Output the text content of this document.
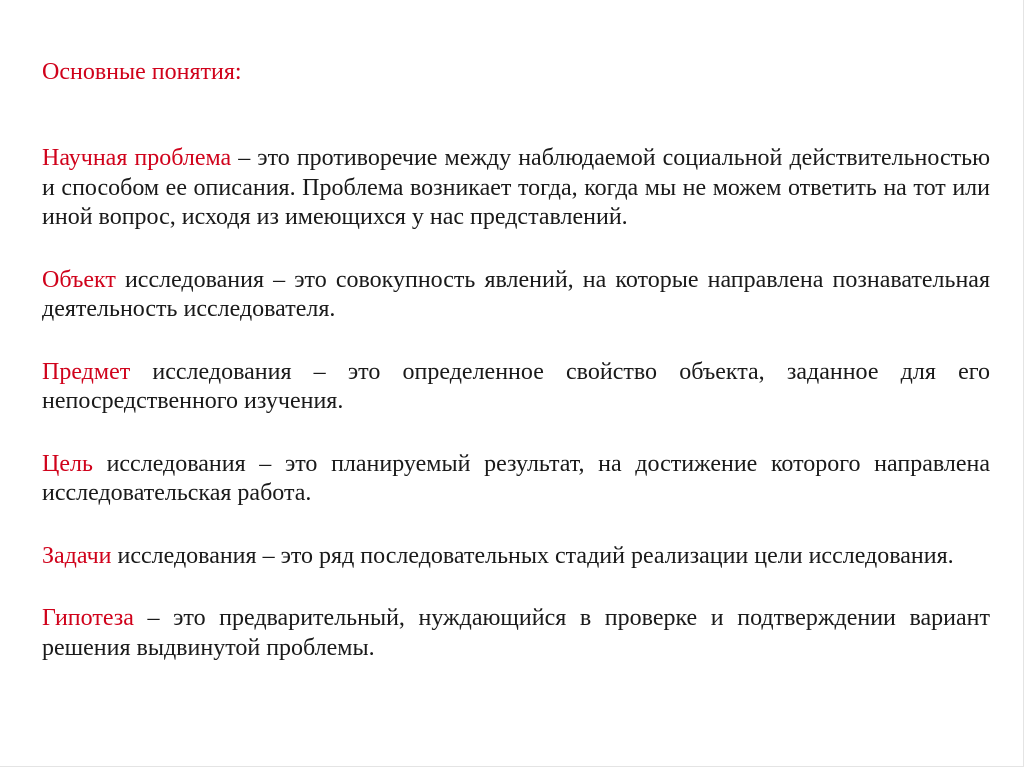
Основные понятия:

Научная проблема – это противоречие между наблюдаемой социальной действительностью и способом ее описания. Проблема возникает тогда, когда мы не можем ответить на тот или иной вопрос, исходя из имеющихся у нас представлений.

Объект исследования – это совокупность явлений, на которые направлена познавательная деятельность исследователя.

Предмет исследования – это определенное свойство объекта, заданное для его непосредственного изучения.

Цель исследования – это планируемый результат, на достижение которого направлена исследовательская работа.

Задачи исследования – это ряд последовательных стадий реализации цели исследования.

Гипотеза – это предварительный, нуждающийся в проверке и подтверждении вариант решения выдвинутой проблемы.
